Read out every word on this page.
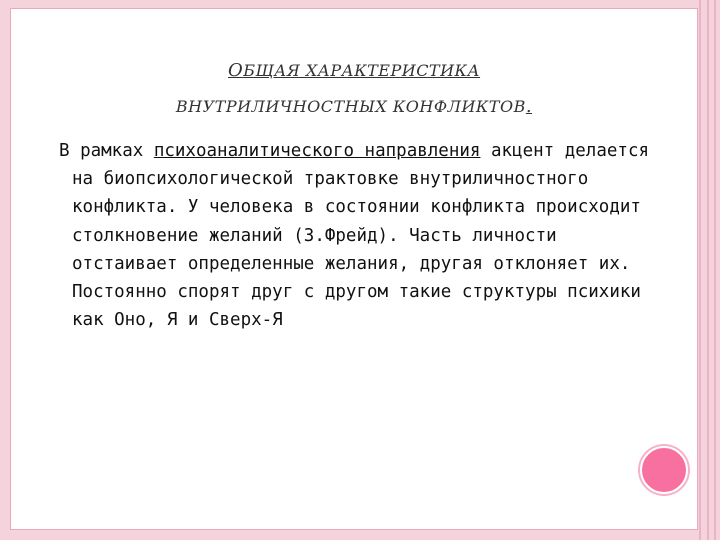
ОБЩАЯ ХАРАКТЕРИСТИКА
ВНУТРИЛИЧНОСТНЫХ КОНФЛИКТОВ.
В рамках психоаналитического направления акцент делается на биопсихологической трактовке внутриличностного конфликта. У человека в состоянии конфликта происходит столкновение желаний (З.Фрейд). Часть личности отстаивает определенные желания, другая отклоняет их. Постоянно спорят друг с другом такие структуры психики как Оно, Я и Сверх-Я
